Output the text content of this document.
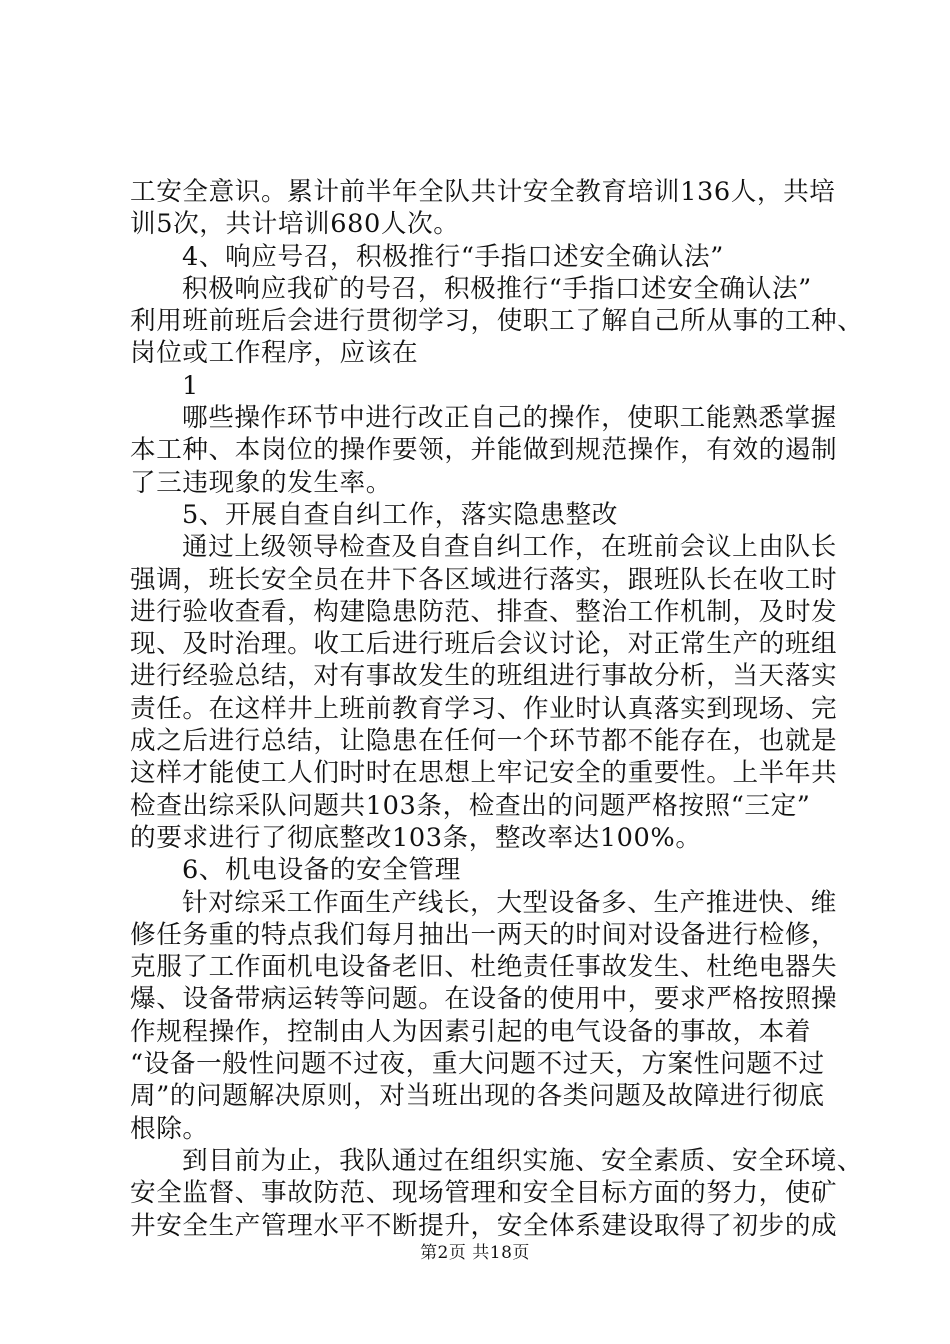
工安全意识。累计前半年全队共计安全教育培训136人，共培
训5次，共计培训680人次。
4、响应号召，积极推行“手指口述安全确认法”
积极响应我矿的号召，积极推行“手指口述安全确认法”
利用班前班后会进行贯彻学习，使职工了解自己所从事的工种、
岗位或工作程序，应该在
1
哪些操作环节中进行改正自己的操作，使职工能熟悉掌握
本工种、本岗位的操作要领，并能做到规范操作，有效的遏制
了三违现象的发生率。
5、开展自查自纠工作，落实隐患整改
通过上级领导检查及自查自纠工作，在班前会议上由队长
强调，班长安全员在井下各区域进行落实，跟班队长在收工时
进行验收查看，构建隐患防范、排查、整治工作机制，及时发
现、及时治理。收工后进行班后会议讨论，对正常生产的班组
进行经验总结，对有事故发生的班组进行事故分析，当天落实
责任。在这样井上班前教育学习、作业时认真落实到现场、完
成之后进行总结，让隐患在任何一个环节都不能存在，也就是
这样才能使工人们时时在思想上牢记安全的重要性。上半年共
检查出综采队问题共103条，检查出的问题严格按照“三定”
的要求进行了彻底整改103条，整改率达100%。
6、机电设备的安全管理
针对综采工作面生产线长，大型设备多、生产推进快、维
修任务重的特点我们每月抽出一两天的时间对设备进行检修，
克服了工作面机电设备老旧、杜绝责任事故发生、杜绝电器失
爆、设备带病运转等问题。在设备的使用中，要求严格按照操
作规程操作，控制由人为因素引起的电气设备的事故，本着
“设备一般性问题不过夜，重大问题不过天，方案性问题不过
周”的问题解决原则，对当班出现的各类问题及故障进行彻底
根除。
到目前为止，我队通过在组织实施、安全素质、安全环境、
安全监督、事故防范、现场管理和安全目标方面的努力，使矿
井安全生产管理水平不断提升，安全体系建设取得了初步的成
第2页 共18页
